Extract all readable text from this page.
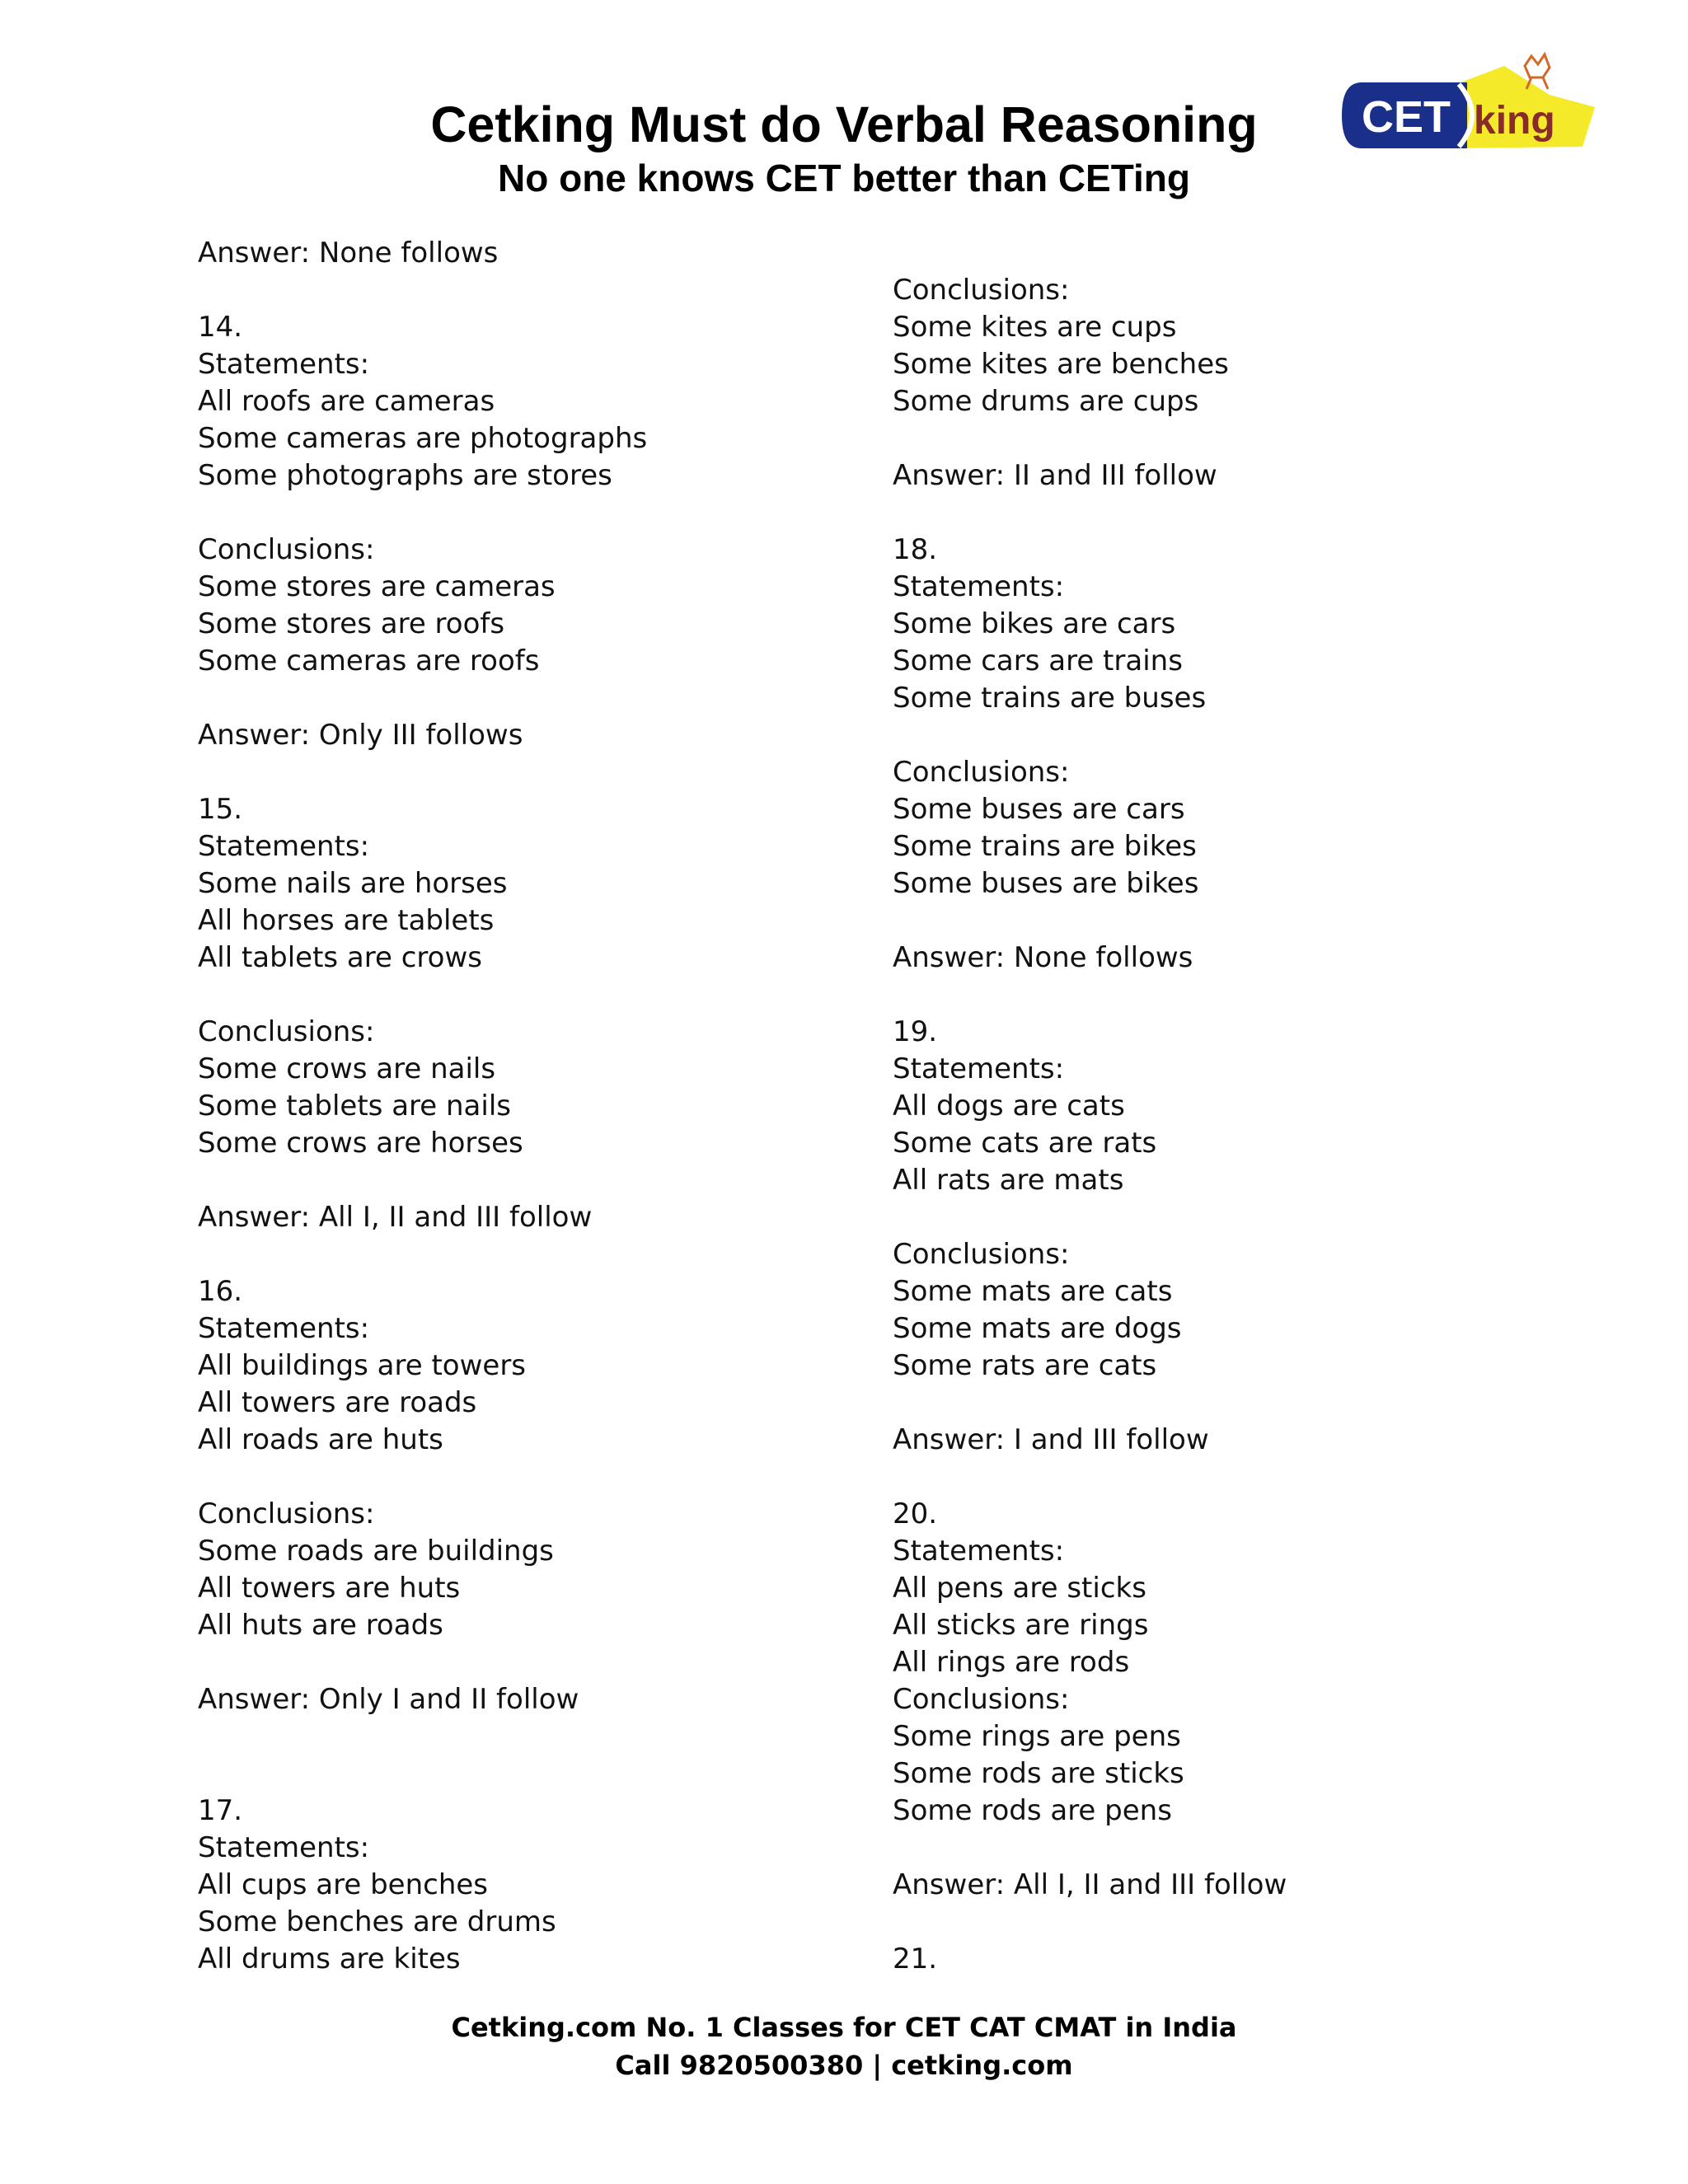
Cetking Must do Verbal Reasoning
No one knows CET better than CETing
CET king
Answer: None follows
14.
Statements:
All roofs are cameras
Some cameras are photographs
Some photographs are stores
Conclusions:
Some stores are cameras
Some stores are roofs
Some cameras are roofs
Answer: Only III follows
15.
Statements:
Some nails are horses
All horses are tablets
All tablets are crows
Conclusions:
Some crows are nails
Some tablets are nails
Some crows are horses
Answer: All I, II and III follow
16.
Statements:
All buildings are towers
All towers are roads
All roads are huts
Conclusions:
Some roads are buildings
All towers are huts
All huts are roads
Answer: Only I and II follow
17.
Statements:
All cups are benches
Some benches are drums
All drums are kites
Conclusions:
Some kites are cups
Some kites are benches
Some drums are cups
Answer: II and III follow
18.
Statements:
Some bikes are cars
Some cars are trains
Some trains are buses
Conclusions:
Some buses are cars
Some trains are bikes
Some buses are bikes
Answer: None follows
19.
Statements:
All dogs are cats
Some cats are rats
All rats are mats
Conclusions:
Some mats are cats
Some mats are dogs
Some rats are cats
Answer: I and III follow
20.
Statements:
All pens are sticks
All sticks are rings
All rings are rods
Conclusions:
Some rings are pens
Some rods are sticks
Some rods are pens
Answer: All I, II and III follow
21.
Cetking.com No. 1 Classes for CET CAT CMAT in India
Call 9820500380 | cetking.com
